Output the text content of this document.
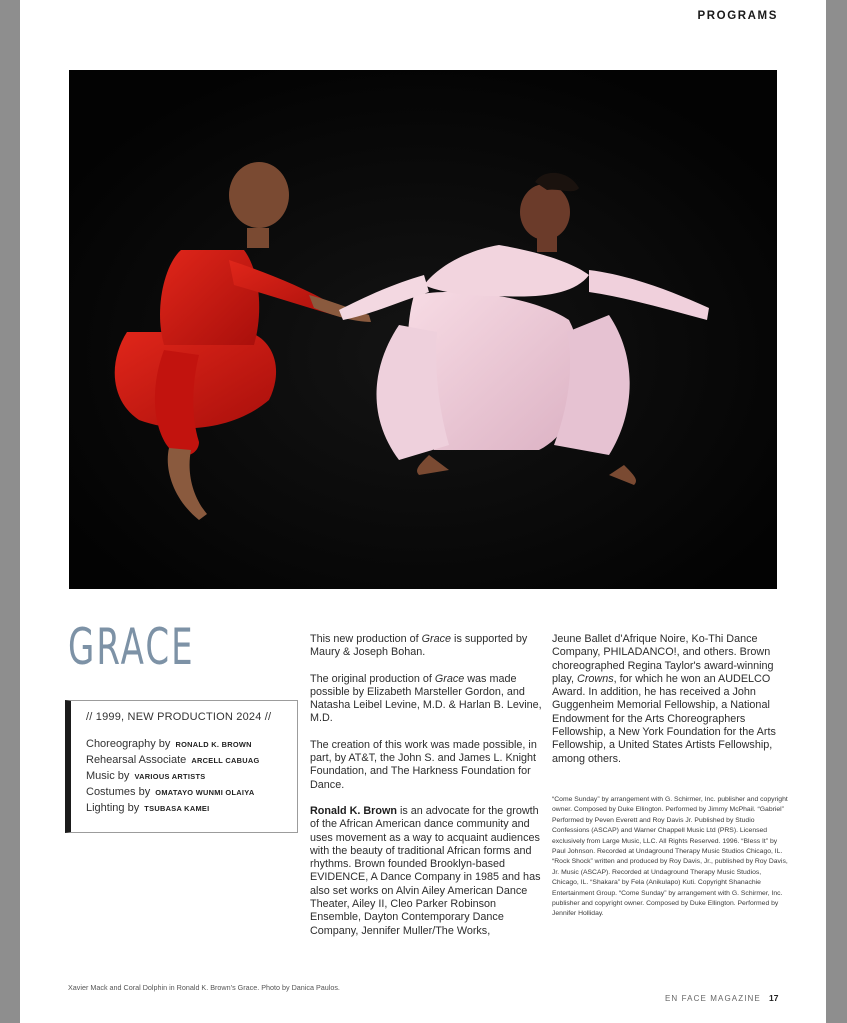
PROGRAMS
GRACE
// 1999, NEW PRODUCTION 2024 //
Choreography by RONALD K. BROWN
Rehearsal Associate ARCELL CABUAG
Music by VARIOUS ARTISTS
Costumes by OMATAYO WUNMI OLAIYA
Lighting by TSUBASA KAMEI

This new production of Grace is supported by Maury & Joseph Bohan.

The original production of Grace was made possible by Elizabeth Marsteller Gordon, and Natasha Leibel Levine, M.D. & Harlan B. Levine, M.D.

The creation of this work was made possible, in part, by AT&T, the John S. and James L. Knight Foundation, and The Harkness Foundation for Dance.

Ronald K. Brown is an advocate for the growth of the African American dance community and uses movement as a way to acquaint audiences with the beauty of traditional African forms and rhythms. Brown founded Brooklyn-based EVIDENCE, A Dance Company in 1985 and has also set works on Alvin Ailey American Dance Theater, Ailey II, Cleo Parker Robinson Ensemble, Dayton Contemporary Dance Company, Jennifer Muller/The Works,

Jeune Ballet d'Afrique Noire, Ko-Thi Dance Company, PHILADANCO!, and others. Brown choreographed Regina Taylor's award-winning play, Crowns, for which he won an AUDELCO Award. In addition, he has received a John Guggenheim Memorial Fellowship, a National Endowment for the Arts Choreographers Fellowship, a New York Foundation for the Arts Fellowship, a United States Artists Fellowship, among others.

“Come Sunday” by arrangement with G. Schirmer, Inc. publisher and copyright owner. Composed by Duke Ellington. Performed by Jimmy McPhail. “Gabriel” Performed by Peven Everett and Roy Davis Jr. Published by Studio Confessions (ASCAP) and Warner Chappell Music Ltd (PRS). Licensed exclusively from Large Music, LLC. All Rights Reserved. 1996. “Bless It” by Paul Johnson. Recorded at Undaground Therapy Music Studios Chicago, IL. “Rock Shock” written and produced by Roy Davis, Jr., published by Roy Davis, Jr. Music (ASCAP). Recorded at Undaground Therapy Music Studios, Chicago, IL. “Shakara” by Fela (Anikulapo) Kuti. Copyright Shanachie Entertainment Group. “Come Sunday” by arrangement with G. Schirmer, Inc. publisher and copyright owner. Composed by Duke Ellington. Performed by Jennifer Holliday.
Xavier Mack and Coral Dolphin in Ronald K. Brown’s Grace. Photo by Danica Paulos.
EN FACE MAGAZINE 17
